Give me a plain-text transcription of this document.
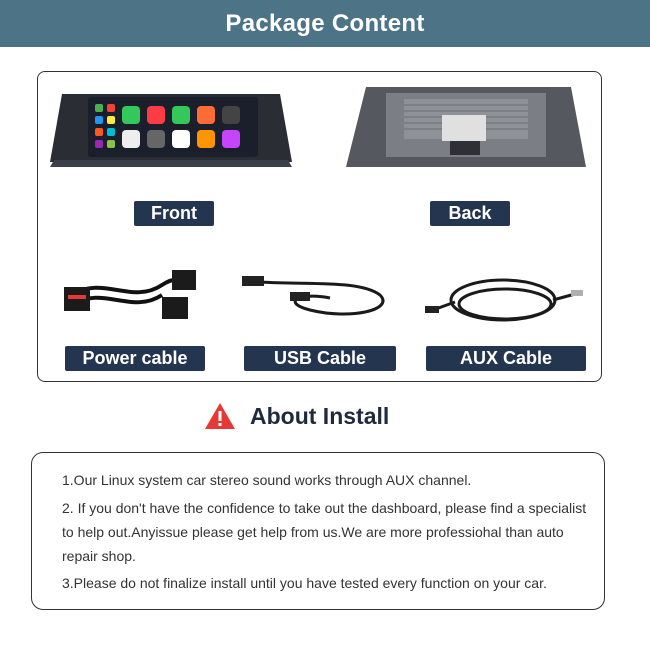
Package Content
Front	Back
Power cable	USB Cable	AUX Cable
About Install
1.Our Linux system car stereo sound works through AUX channel.
2. If you don't have the confidence to take out the dashboard, please find a specialist to help out.Anyissue please get help from us.We are more professiohal than auto repair shop.
3.Please do not finalize install until you have tested every function on your car.
